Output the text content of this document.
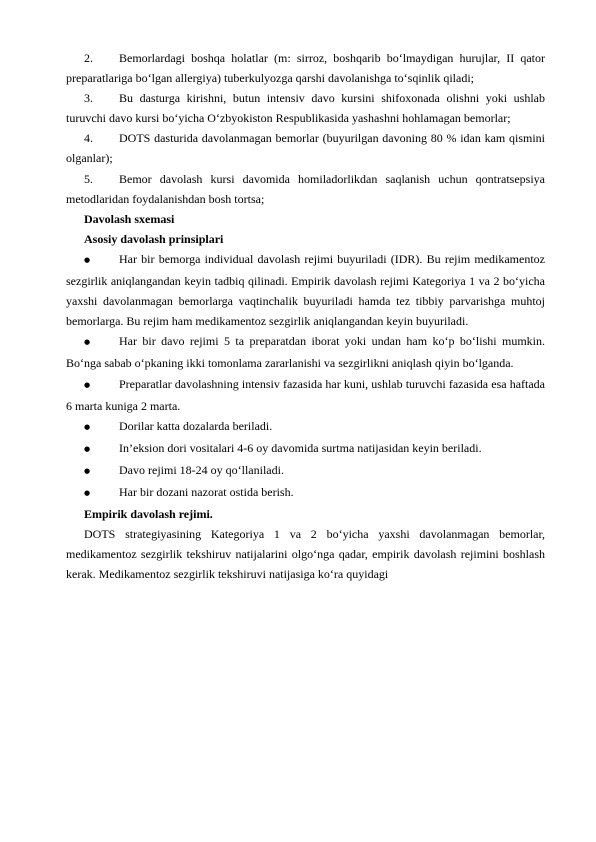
2. Bemorlardagi boshqa holatlar (m: sirroz, boshqarib bo‘lmaydigan hurujlar, II qator preparatlariga bo‘lgan allergiya) tuberkulyozga qarshi davolanishga to‘sqinlik qiladi;

3. Bu dasturga kirishni, butun intensiv davo kursini shifoxonada olishni yoki ushlab turuvchi davo kursi bo‘yicha O‘zbyokiston Respublikasida yashashni hohlamagan bemorlar;

4. DOTS dasturida davolanmagan bemorlar (buyurilgan davoning 80 % idan kam qismini olganlar);

5. Bemor davolash kursi davomida homiladorlikdan saqlanish uchun qontratsepsiya metodlaridan foydalanishdan bosh tortsa;

Davolash sxemasi

Asosiy davolash prinsiplari

● Har bir bemorga individual davolash rejimi buyuriladi (IDR). Bu rejim medikamentoz sezgirlik aniqlangandan keyin tadbiq qilinadi. Empirik davolash rejimi Kategoriya 1 va 2 bo‘yicha yaxshi davolanmagan bemorlarga vaqtinchalik buyuriladi hamda tez tibbiy parvarishga muhtoj bemorlarga. Bu rejim ham medikamentoz sezgirlik aniqlangandan keyin buyuriladi.

● Har bir davo rejimi 5 ta preparatdan iborat yoki undan ham ko‘p bo‘lishi mumkin. Bo‘nga sabab o‘pkaning ikki tomonlama zararlanishi va sezgirlikni aniqlash qiyin bo‘lganda.

● Preparatlar davolashning intensiv fazasida har kuni, ushlab turuvchi fazasida esa haftada 6 marta kuniga 2 marta.

● Dorilar katta dozalarda beriladi.

● In’eksion dori vositalari 4-6 oy davomida surtma natijasidan keyin beriladi.

● Davo rejimi 18-24 oy qo‘llaniladi.

● Har bir dozani nazorat ostida berish.

Empirik davolash rejimi.

DOTS strategiyasining Kategoriya 1 va 2 bo‘yicha yaxshi davolanmagan bemorlar, medikamentoz sezgirlik tekshiruv natijalarini olgo‘nga qadar, empirik davolash rejimini boshlash kerak. Medikamentoz sezgirlik tekshiruvi natijasiga ko‘ra quyidagi
